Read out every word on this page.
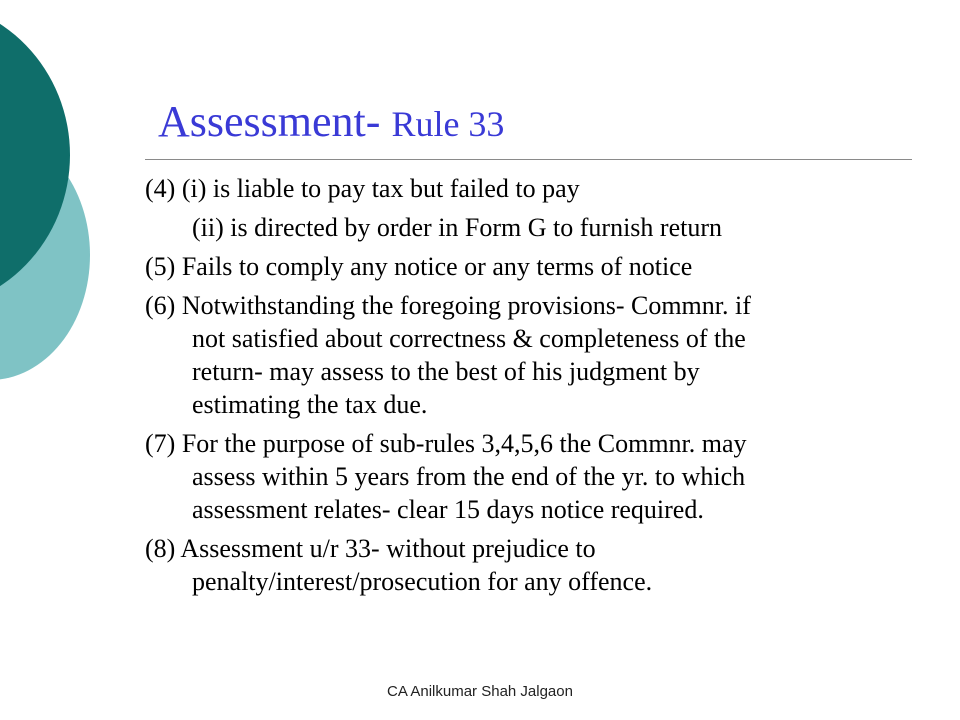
Assessment- Rule 33
(4) (i) is liable to pay tax but failed to pay
(ii) is directed by order in Form G to furnish return
(5) Fails to comply any notice or any terms of notice
(6) Notwithstanding the foregoing provisions- Commnr. if
not satisfied about correctness & completeness of the
return- may assess to the best of his judgment by
estimating the tax due.
(7) For the purpose of sub-rules 3,4,5,6 the Commnr. may
assess within 5 years from the end of the yr. to which
assessment relates- clear 15 days notice required.
(8) Assessment u/r 33- without prejudice to
penalty/interest/prosecution for any offence.
CA Anilkumar Shah Jalgaon
